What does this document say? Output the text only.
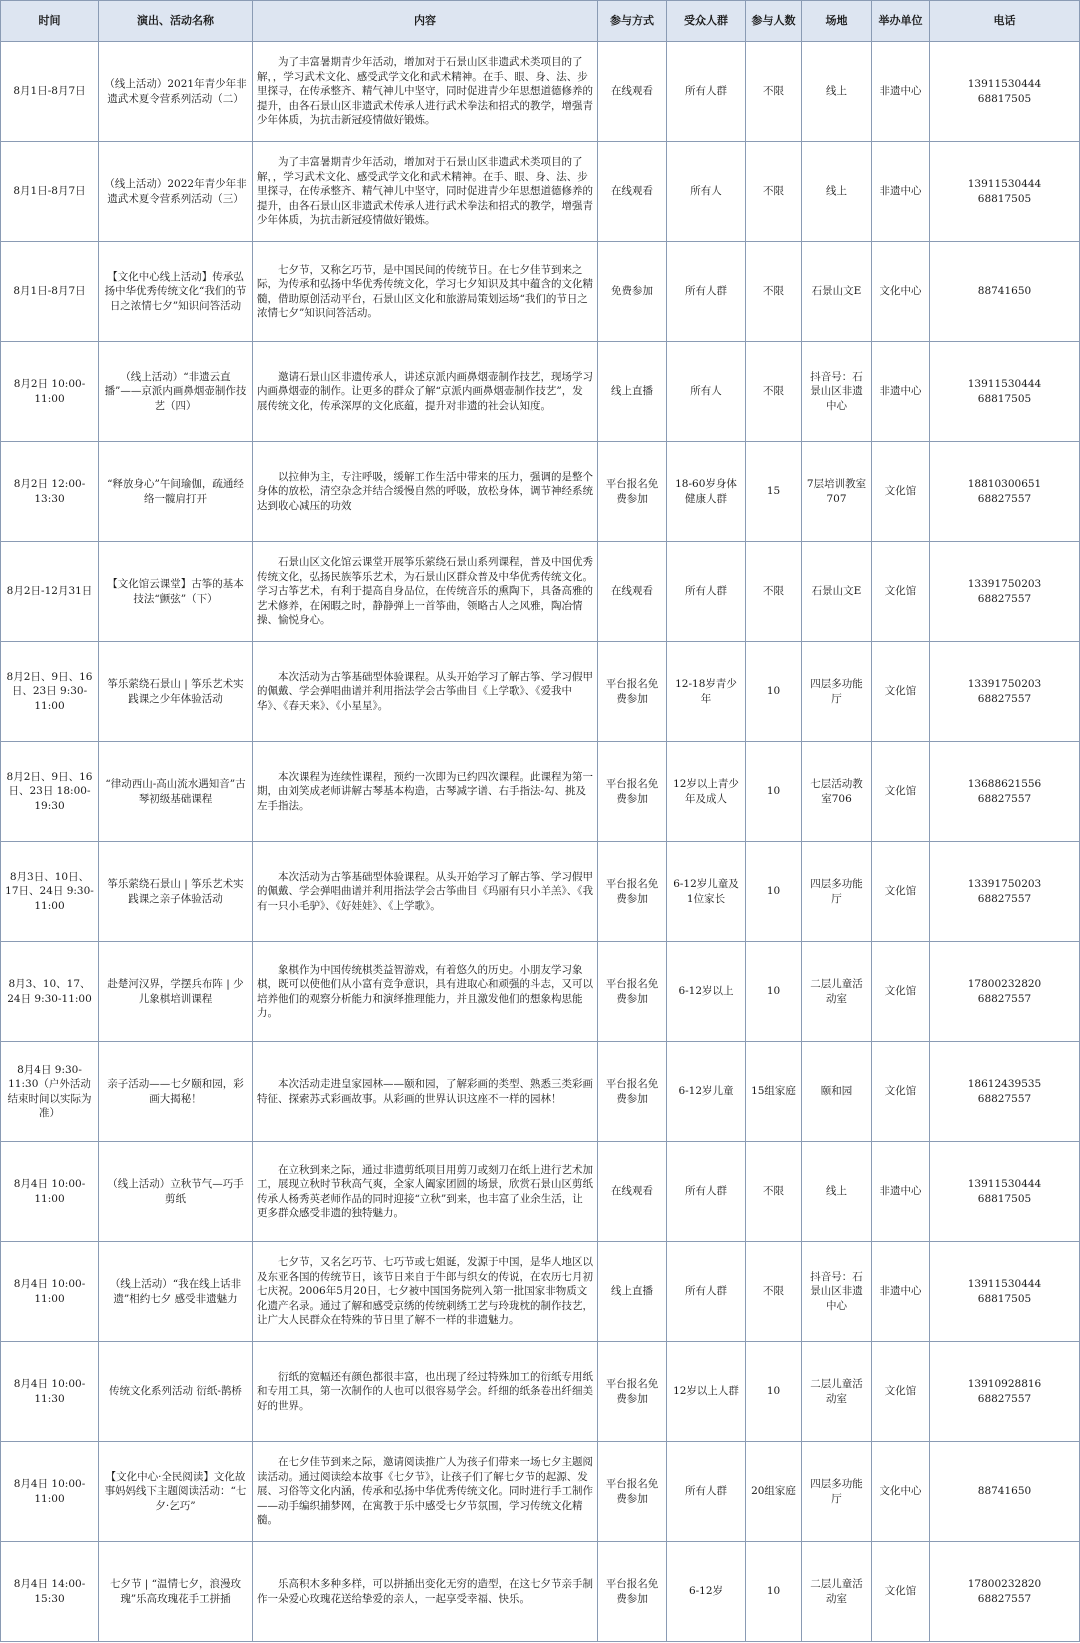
时间	演出、活动名称	内容	参与方式	受众人群	参与人数	场地	举办单位	电话
8月1日-8月7日	（线上活动）2021年青少年非遗武术夏令营系列活动（二）	为了丰富暑期青少年活动，增加对于石景山区非遗武术类项目的了解，，学习武术文化、感受武学文化和武术精神。在手、眼、身、法、步里探寻，在传承整齐、精气神儿中坚守，同时促进青少年思想道德修养的提升，由各石景山区非遗武术传承人进行武术拳法和招式的教学，增强青少年体质，为抗击新冠疫情做好锻炼。	在线观看	所有人群	不限	线上	非遗中心	13911530444
68817505

8月1日-8月7日	（线上活动）2022年青少年非遗武术夏令营系列活动（三）	为了丰富暑期青少年活动，增加对于石景山区非遗武术类项目的了解，，学习武术文化、感受武学文化和武术精神。在手、眼、身、法、步里探寻，在传承整齐、精气神儿中坚守，同时促进青少年思想道德修养的提升，由各石景山区非遗武术传承人进行武术拳法和招式的教学，增强青少年体质，为抗击新冠疫情做好锻炼。	在线观看	所有人	不限	线上	非遗中心	13911530444
68817505

8月1日-8月7日	【文化中心线上活动】传承弘扬中华优秀传统文化“我们的节日之浓情七夕”知识问答活动	七夕节，又称乞巧节，是中国民间的传统节日。在七夕佳节到来之际，为传承和弘扬中华优秀传统文化，学习七夕知识及其中蕴含的文化精髓，借助原创活动平台，石景山区文化和旅游局策划运场“我们的节日之浓情七夕”知识问答活动。	免费参加	所有人群	不限	石景山文E	文化中心	88741650

8月2日 10:00-11:00	（线上活动）“非遗云直播”——京派内画鼻烟壶制作技艺（四）	邀请石景山区非遗传承人，讲述京派内画鼻烟壶制作技艺，现场学习内画鼻烟壶的制作。让更多的群众了解“京派内画鼻烟壶制作技艺”，发展传统文化，传承深厚的文化底蕴，提升对非遗的社会认知度。	线上直播	所有人	不限	抖音号：石景山区非遗中心	非遗中心	13911530444
68817505

8月2日 12:00-13:30	“释放身心”午间瑜伽，疏通经络一髋肩打开	以拉伸为主，专注呼吸，缓解工作生活中带来的压力，强调的是整个身体的放松，清空杂念并结合缓慢自然的呼吸，放松身体，调节神经系统达到收心减压的功效	平台报名免费参加	18-60岁身体健康人群	15	7层培训教室707	文化馆	18810300651
68827557

8月2日-12月31日	【文化馆云课堂】古筝的基本技法“颤弦”（下）	石景山区文化馆云课堂开展筝乐萦绕石景山系列课程，普及中国优秀传统文化，弘扬民族筝乐艺术，为石景山区群众普及中华优秀传统文化。学习古筝艺术，有利于提高自身品位，在传统音乐的熏陶下，具备高雅的艺术修养，在闲暇之时，静静弹上一首筝曲，领略古人之风雅，陶冶情操、愉悦身心。	在线观看	所有人群	不限	石景山文E	文化馆	13391750203
68827557

8月2日、9日、16日、23日 9:30-11:00	筝乐萦绕石景山 | 筝乐艺术实践课之少年体验活动	本次活动为古筝基础型体验课程。从头开始学习了解古筝、学习假甲的佩戴、学会弹唱曲谱并利用指法学会古筝曲目《上学歌》、《爱我中华》、《春天来》、《小星星》。	平台报名免费参加	12-18岁青少年	10	四层多功能厅	文化馆	13391750203
68827557

8月2日、9日、16日、23日 18:00-19:30	“律动西山-高山流水遇知音”古琴初级基础课程	本次课程为连续性课程，预约一次即为已约四次课程。此课程为第一期，由刘笑成老师讲解古琴基本构造，古琴减字谱、右手指法-勾、挑及左手指法。	平台报名免费参加	12岁以上青少年及成人	10	七层活动教室706	文化馆	13688621556
68827557

8月3日、10日、17日、24日 9:30-11:00	筝乐萦绕石景山 | 筝乐艺术实践课之亲子体验活动	本次活动为古筝基础型体验课程。从头开始学习了解古筝、学习假甲的佩戴、学会弹唱曲谱并利用指法学会古筝曲目《玛丽有只小羊羔》、《我有一只小毛驴》、《好娃娃》、《上学歌》。	平台报名免费参加	6-12岁儿童及1位家长	10	四层多功能厅	文化馆	13391750203
68827557

8月3、10、17、24日 9:30-11:00	赴楚河汉界，学摆兵布阵 | 少儿象棋培训课程	象棋作为中国传统棋类益智游戏，有着悠久的历史。小朋友学习象棋，既可以使他们从小富有竞争意识，具有进取心和顽强的斗志，又可以培养他们的观察分析能力和演绎推理能力，并且激发他们的想象构思能力。	平台报名免费参加	6-12岁以上	10	二层儿童活动室	文化馆	17800232820
68827557

8月4日 9:30-11:30（户外活动结束时间以实际为准）	亲子活动——七夕颐和园，彩画大揭秘！	本次活动走进皇家园林——颐和园，了解彩画的类型、熟悉三类彩画特征、探索苏式彩画故事。从彩画的世界认识这座不一样的园林！	平台报名免费参加	6-12岁儿童	15组家庭	颐和园	文化馆	18612439535
68827557

8月4日 10:00-11:00	（线上活动）立秋节气—巧手剪纸	在立秋到来之际，通过非遗剪纸项目用剪刀或刻刀在纸上进行艺术加工，展现立秋时节秋高气爽，全家人阖家团圆的场景，欣赏石景山区剪纸传承人杨秀英老师作品的同时迎接“立秋”到来，也丰富了业余生活，让更多群众感受非遗的独特魅力。	在线观看	所有人群	不限	线上	非遗中心	13911530444
68817505

8月4日 10:00-11:00	（线上活动）“我在线上话非遗”相约七夕 感受非遗魅力	七夕节，又名乞巧节、七巧节或七姐诞，发源于中国，是华人地区以及东亚各国的传统节日，该节日来自于牛郎与织女的传说，在农历七月初七庆祝。2006年5月20日，七夕被中国国务院列入第一批国家非物质文化遗产名录。通过了解和感受京绣的传统刺绣工艺与玲珑枕的制作技艺，让广大人民群众在特殊的节日里了解不一样的非遗魅力。	线上直播	所有人群	不限	抖音号：石景山区非遗中心	非遗中心	13911530444
68817505

8月4日 10:00-11:30	传统文化系列活动 衍纸-鹊桥	衍纸的宽幅还有颜色都很丰富，也出现了经过特殊加工的衍纸专用纸和专用工具，第一次制作的人也可以很容易学会。纤细的纸条卷出纤细美好的世界。	平台报名免费参加	12岁以上人群	10	二层儿童活动室	文化馆	13910928816
68827557

8月4日 10:00-11:00	【文化中心·全民阅读】文化故事妈妈线下主题阅读活动：“七夕·乞巧”	在七夕佳节到来之际，邀请阅读推广人为孩子们带来一场七夕主题阅读活动。通过阅读绘本故事《七夕节》，让孩子们了解七夕节的起源、发展、习俗等文化内涵，传承和弘扬中华优秀传统文化。同时进行手工制作——动手编织捕梦网，在寓教于乐中感受七夕节氛围，学习传统文化精髓。	平台报名免费参加	所有人群	20组家庭	四层多功能厅	文化中心	88741650

8月4日 14:00-15:30	七夕节 | “温情七夕，浪漫玫瑰”乐高玫瑰花手工拼插	乐高积木多种多样，可以拼插出变化无穷的造型，在这七夕节亲手制作一朵爱心玫瑰花送给挚爱的亲人，一起享受幸福、快乐。	平台报名免费参加	6-12岁	10	二层儿童活动室	文化馆	17800232820
68827557
